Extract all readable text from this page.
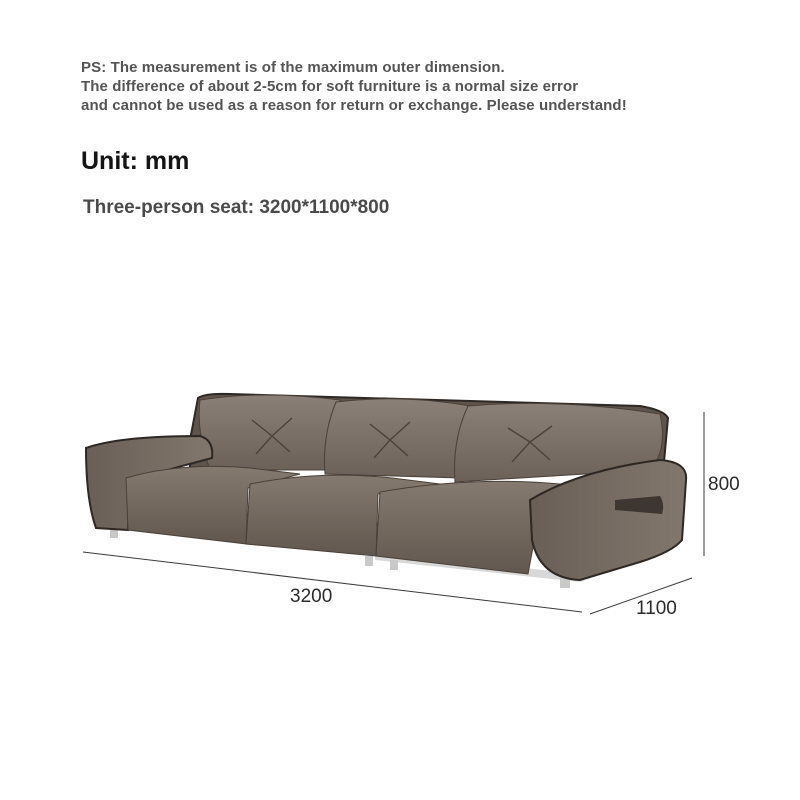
PS: The measurement is of the maximum outer dimension.
The difference of about 2-5cm for soft furniture is a normal size error
and cannot be used as a reason for return or exchange. Please understand!
Unit: mm
Three-person seat: 3200*1100*800
3200
1100
800
